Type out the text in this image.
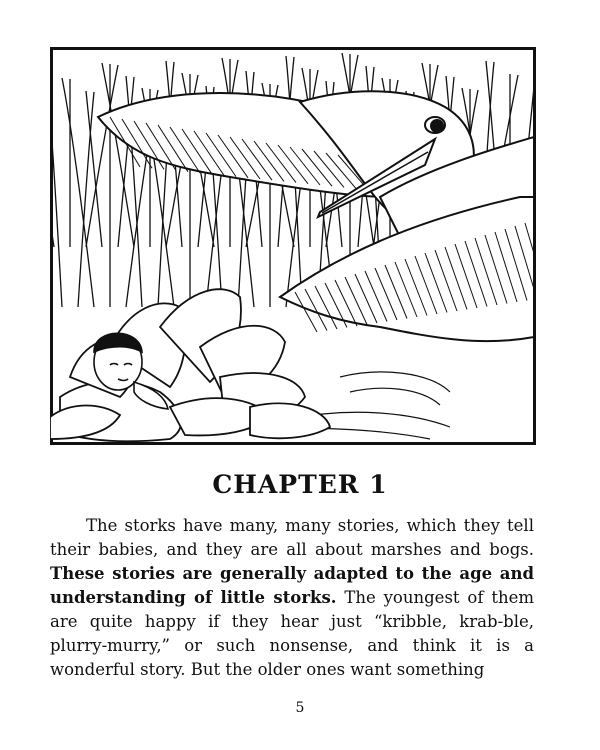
CHAPTER 1

The storks have many, many stories, which they tell their babies, and they are all about marshes and bogs. These stories are generally adapted to the age and understanding of little storks. The youngest of them are quite happy if they hear just “kribble, krab-ble, plurry-murry,” or such nonsense, and think it is a wonderful story. But the older ones want something

5
